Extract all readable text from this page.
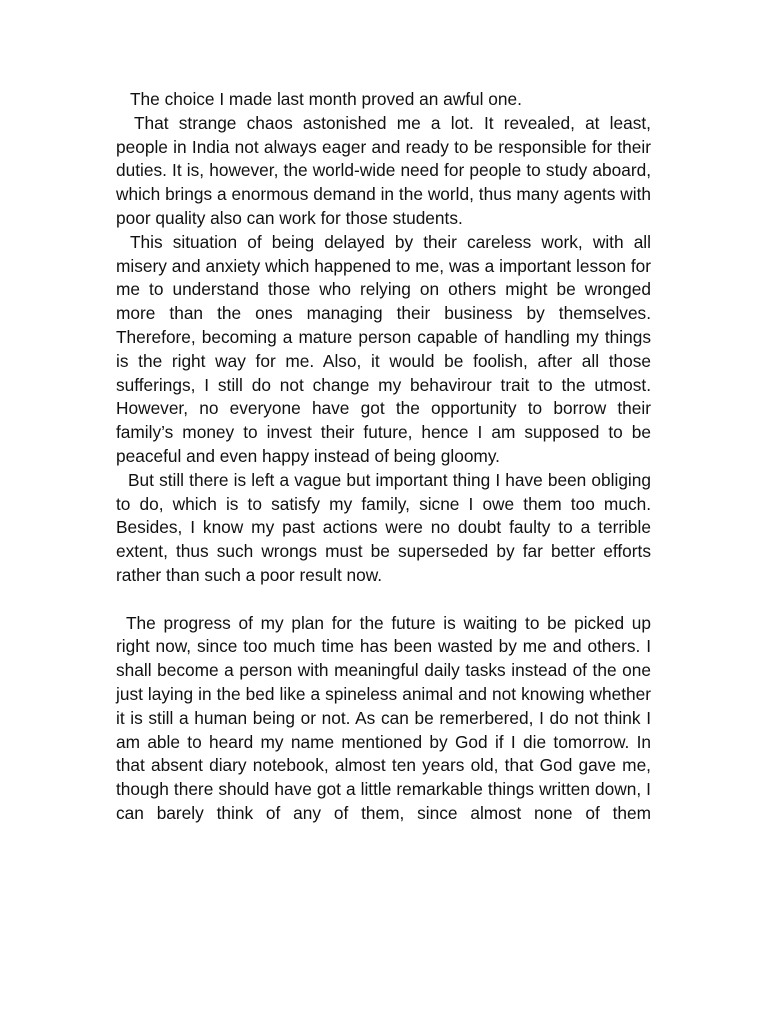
The choice I made last month proved an awful one.

That strange chaos astonished me a lot. It revealed, at least, people in India not always eager and ready to be responsible for their duties. It is, however, the world-wide need for people to study aboard, which brings a enormous demand in the world, thus many agents with poor quality also can work for those students.

This situation of being delayed by their careless work, with all misery and anxiety which happened to me, was a important lesson for me to understand those who relying on others might be wronged more than the ones managing their business by themselves. Therefore, becoming a mature person capable of handling my things is the right way for me. Also, it would be foolish, after all those sufferings, I still do not change my behavirour trait to the utmost. However, no everyone have got the opportunity to borrow their family’s money to invest their future, hence I am supposed to be peaceful and even happy instead of being gloomy.

But still there is left a vague but important thing I have been obliging to do, which is to satisfy my family, sicne I owe them too much. Besides, I know my past actions were no doubt faulty to a terrible extent, thus such wrongs must be superseded by far better efforts rather than such a poor result now.

The progress of my plan for the future is waiting to be picked up right now, since too much time has been wasted by me and others. I shall become a person with meaningful daily tasks instead of the one just laying in the bed like a spineless animal and not knowing whether it is still a human being or not. As can be remerbered, I do not think I am able to heard my name mentioned by God if I die tomorrow. In that absent diary notebook, almost ten years old, that God gave me, though there should have got a little remarkable things written down, I can barely think of any of them, since almost none of them
